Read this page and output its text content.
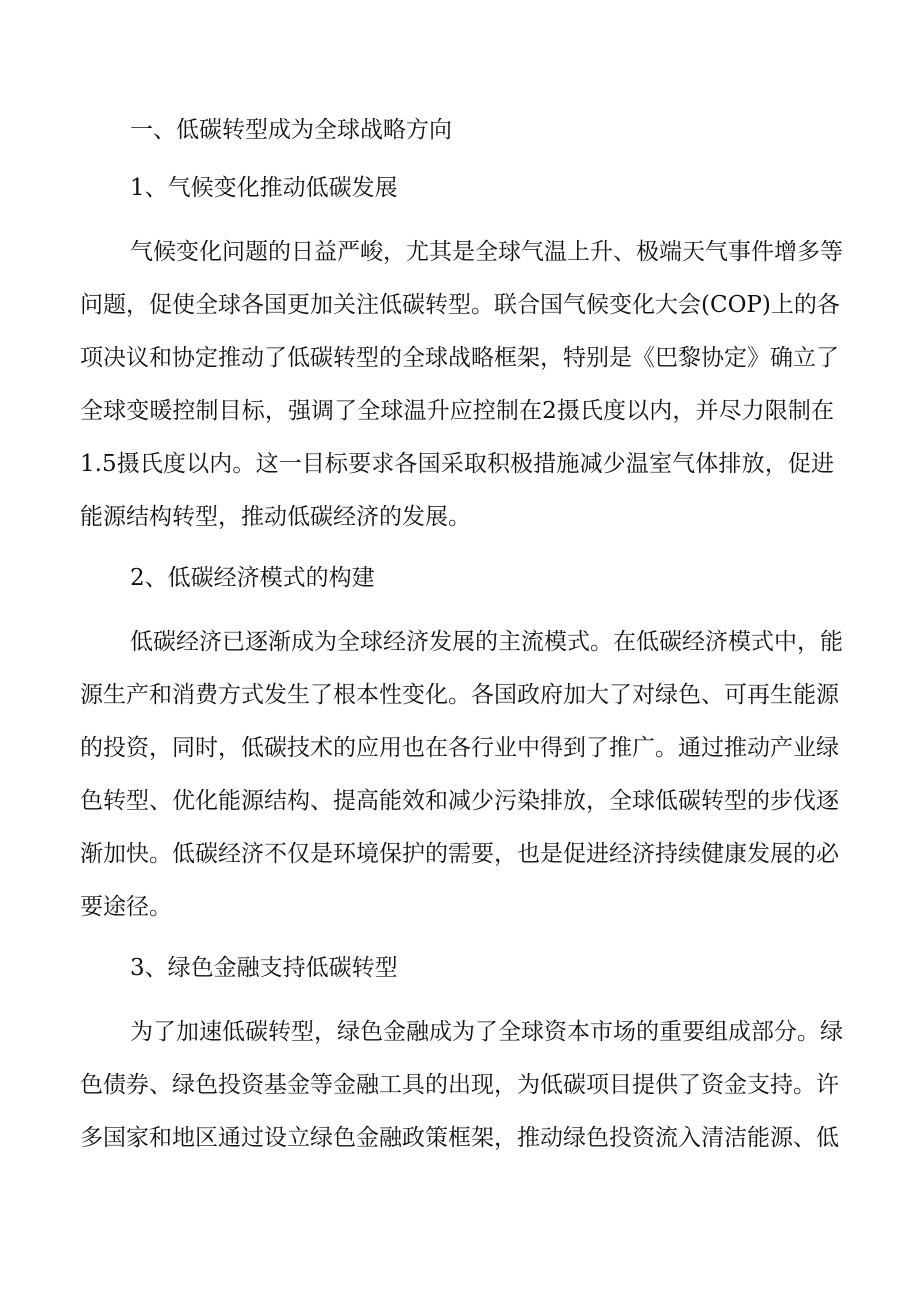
一、低碳转型成为全球战略方向
1、气候变化推动低碳发展
气候变化问题的日益严峻，尤其是全球气温上升、极端天气事件增多等
问题，促使全球各国更加关注低碳转型。联合国气候变化大会(COP)上的各
项决议和协定推动了低碳转型的全球战略框架，特别是《巴黎协定》确立了
全球变暖控制目标，强调了全球温升应控制在2摄氏度以内，并尽力限制在
1.5摄氏度以内。这一目标要求各国采取积极措施减少温室气体排放，促进
能源结构转型，推动低碳经济的发展。
2、低碳经济模式的构建
低碳经济已逐渐成为全球经济发展的主流模式。在低碳经济模式中，能
源生产和消费方式发生了根本性变化。各国政府加大了对绿色、可再生能源
的投资，同时，低碳技术的应用也在各行业中得到了推广。通过推动产业绿
色转型、优化能源结构、提高能效和减少污染排放，全球低碳转型的步伐逐
渐加快。低碳经济不仅是环境保护的需要，也是促进经济持续健康发展的必
要途径。
3、绿色金融支持低碳转型
为了加速低碳转型，绿色金融成为了全球资本市场的重要组成部分。绿
色债券、绿色投资基金等金融工具的出现，为低碳项目提供了资金支持。许
多国家和地区通过设立绿色金融政策框架，推动绿色投资流入清洁能源、低
